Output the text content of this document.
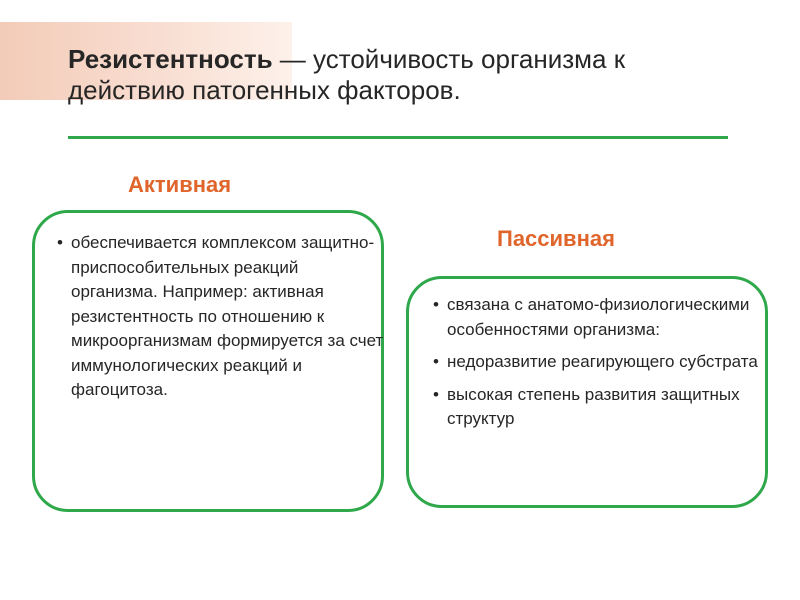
Резистентность — устойчивость организма к действию патогенных факторов.
Активная
• обеспечивается комплексом защитно-приспособительных реакций организма. Например: активная резистентность по отношению к микроорганизмам формируется за счет иммунологических реакций и фагоцитоза.
Пассивная
• связана с анатомо-физиологическими особенностями организма:
• недоразвитие реагирующего субстрата
• высокая степень развития защитных структур
